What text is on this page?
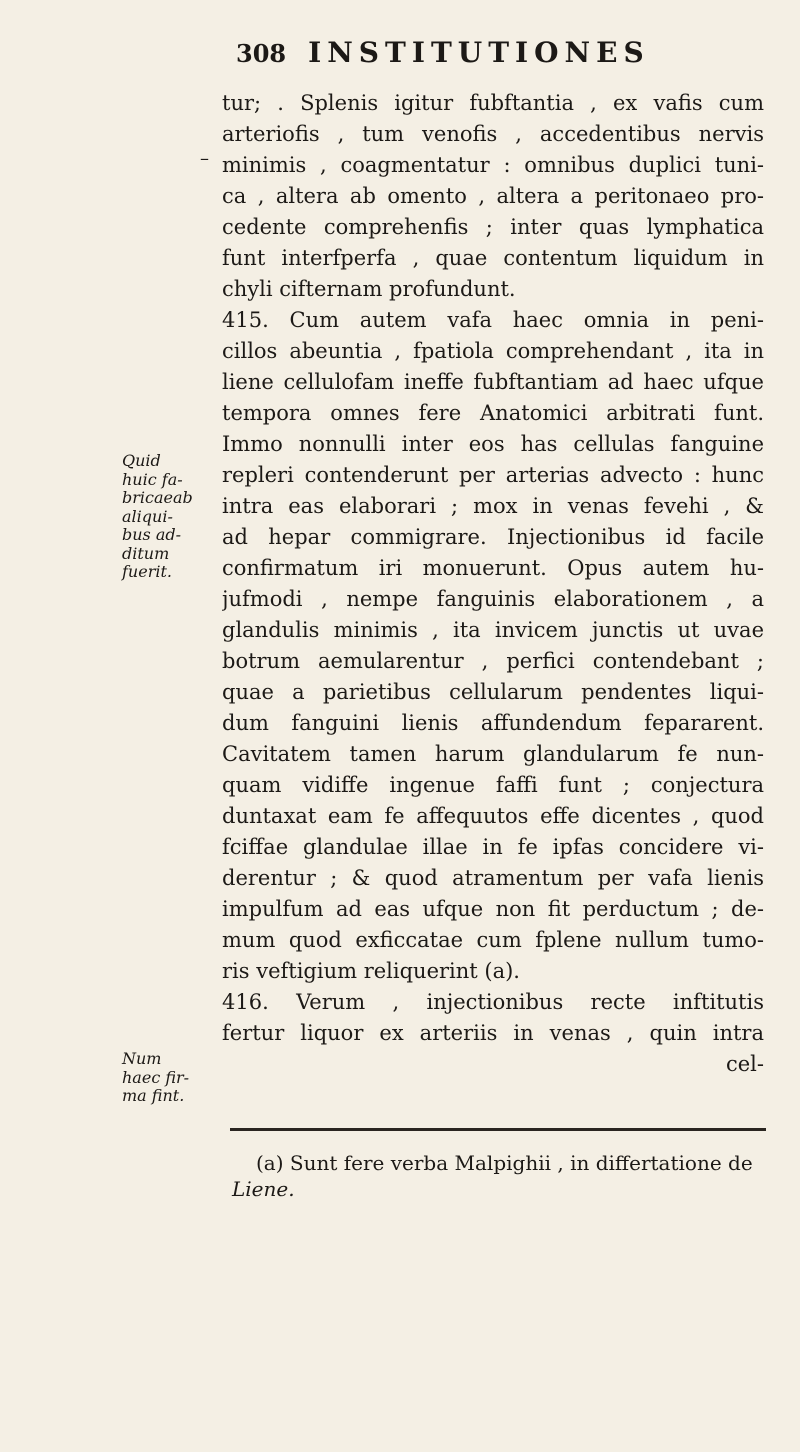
308 INSTITUTIONES
–
Quid
huic fa-
bricaeab
aliqui-
bus ad-
ditum
fuerit.
Num
haec fir-
ma fint.
tur; . Splenis igitur fubftantia , ex vafis cum
arteriofis , tum venofis , accedentibus nervis
minimis , coagmentatur : omnibus duplici tuni-
ca , altera ab omento , altera a peritonaeo pro-
cedente comprehenfis ; inter quas lymphatica
funt interfperfa , quae contentum liquidum in
chyli cifternam profundunt.
415. Cum autem vafa haec omnia in peni-
cillos abeuntia , fpatiola comprehendant , ita in
liene cellulofam ineffe fubftantiam ad haec ufque
tempora omnes fere Anatomici arbitrati funt.
Immo nonnulli inter eos has cellulas fanguine
repleri contenderunt per arterias advecto : hunc
intra eas elaborari ; mox in venas fevehi , &
ad hepar commigrare. Injectionibus id facile
confirmatum iri monuerunt. Opus autem hu-
jufmodi , nempe fanguinis elaborationem , a
glandulis minimis , ita invicem junctis ut uvae
botrum aemularentur , perfici contendebant ;
quae a parietibus cellularum pendentes liqui-
dum fanguini lienis affundendum fepararent.
Cavitatem tamen harum glandularum fe nun-
quam vidiffe ingenue faffi funt ; conjectura
duntaxat eam fe affequutos effe dicentes , quod
fciffae glandulae illae in fe ipfas concidere vi-
derentur ; & quod atramentum per vafa lienis
impulfum ad eas ufque non fit perductum ; de-
mum quod exficcatae cum fplene nullum tumo-
ris veftigium reliquerint (a).
416. Verum , injectionibus recte inftitutis
fertur liquor ex arteriis in venas , quin intra
cel-
(a) Sunt fere verba Malpighii , in differtatione de
Liene.
